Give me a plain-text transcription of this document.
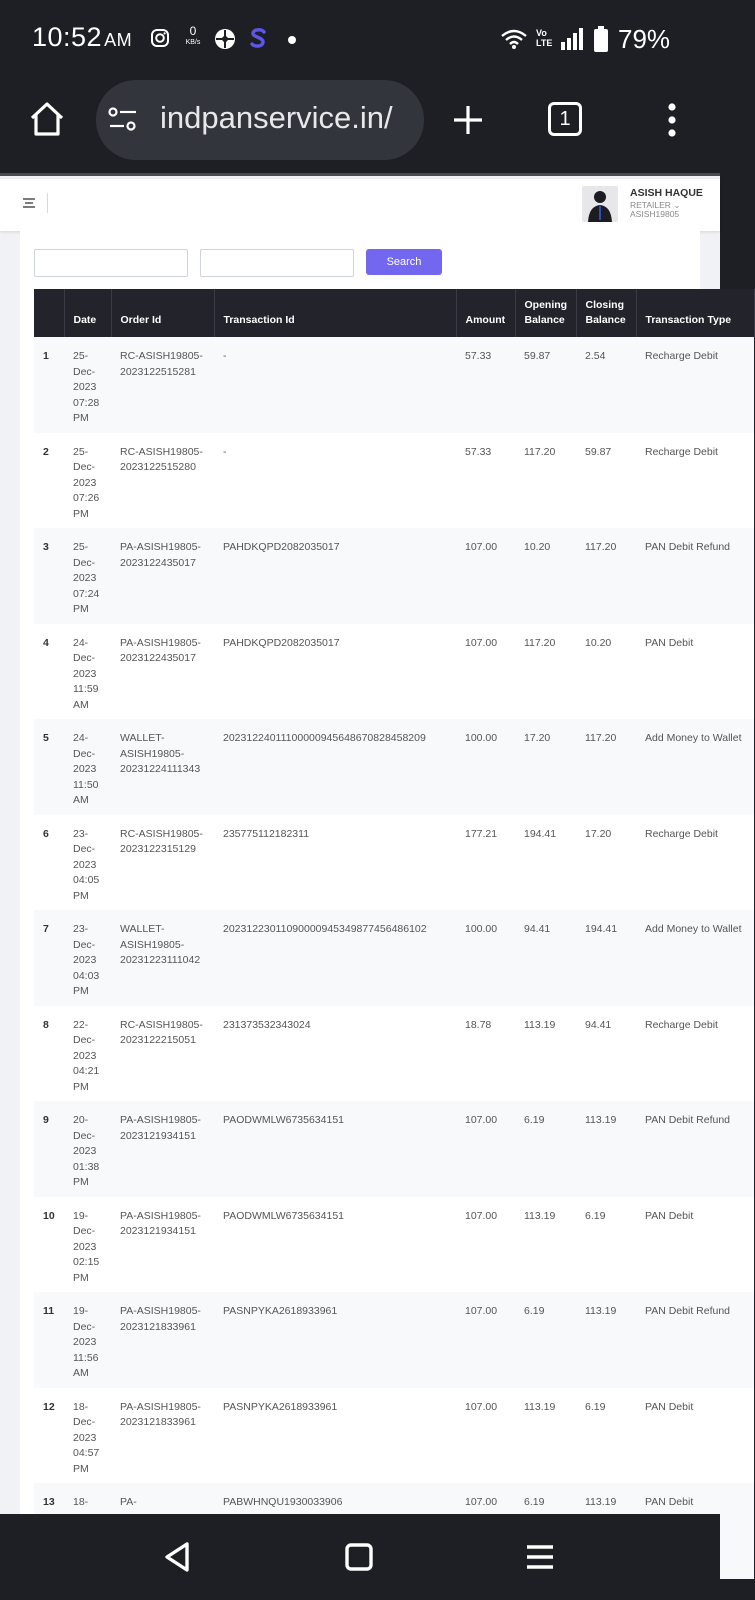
10:52 AM	0
KB/s
Vo
LTE	79%
indpanservice.in/	1
ASISH HAQUE
RETAILER ⌄
ASISH19805
Search
	Date	Order Id	Transaction Id	Amount	Opening Balance	Closing Balance	Transaction Type
1	25-Dec-2023 07:28 PM	RC-ASISH19805-2023122515281	-	57.33	59.87	2.54	Recharge Debit
2	25-Dec-2023 07:26 PM	RC-ASISH19805-2023122515280	-	57.33	117.20	59.87	Recharge Debit
3	25-Dec-2023 07:24 PM	PA-ASISH19805-2023122435017	PAHDKQPD2082035017	107.00	10.20	117.20	PAN Debit Refund
4	24-Dec-2023 11:59 AM	PA-ASISH19805-2023122435017	PAHDKQPD2082035017	107.00	117.20	10.20	PAN Debit
5	24-Dec-2023 11:50 AM	WALLET-ASISH19805-20231224111343	20231224011100000945648670828458209	100.00	17.20	117.20	Add Money to Wallet
6	23-Dec-2023 04:05 PM	RC-ASISH19805-2023122315129	235775112182311	177.21	194.41	17.20	Recharge Debit
7	23-Dec-2023 04:03 PM	WALLET-ASISH19805-20231223111042	20231223011090000945349877456486102	100.00	94.41	194.41	Add Money to Wallet
8	22-Dec-2023 04:21 PM	RC-ASISH19805-2023122215051	231373532343024	18.78	113.19	94.41	Recharge Debit
9	20-Dec-2023 01:38 PM	PA-ASISH19805-2023121934151	PAODWMLW6735634151	107.00	6.19	113.19	PAN Debit Refund
10	19-Dec-2023 02:15 PM	PA-ASISH19805-2023121934151	PAODWMLW6735634151	107.00	113.19	6.19	PAN Debit
11	19-Dec-2023 11:56 AM	PA-ASISH19805-2023121833961	PASNPYKA2618933961	107.00	6.19	113.19	PAN Debit Refund
12	18-Dec-2023 04:57 PM	PA-ASISH19805-2023121833961	PASNPYKA2618933961	107.00	113.19	6.19	PAN Debit
13	18-	PA-	PABWHNQU1930033906	107.00	6.19	113.19	PAN Debit
